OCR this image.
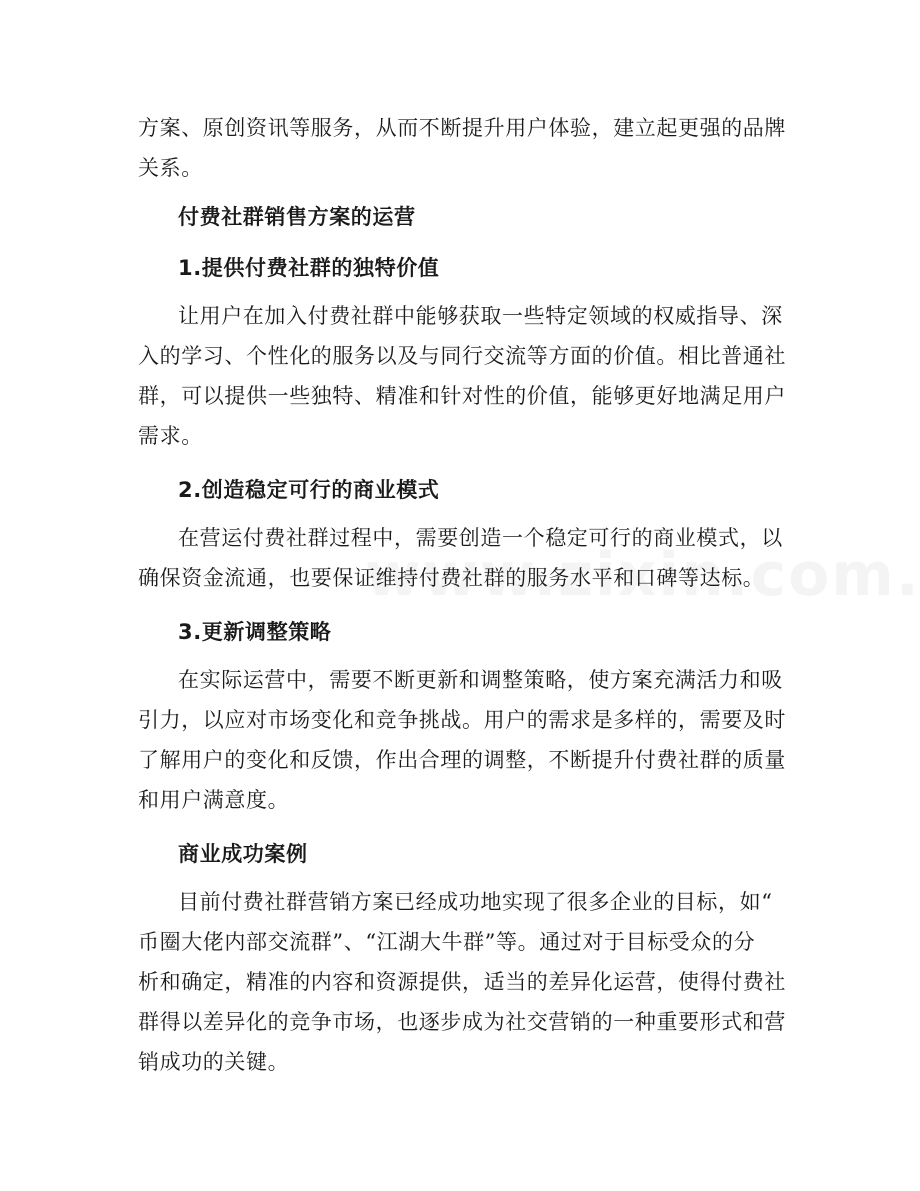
方案、原创资讯等服务，从而不断提升用户体验，建立起更强的品牌
关系。
付费社群销售方案的运营
1.提供付费社群的独特价值
让用户在加入付费社群中能够获取一些特定领域的权威指导、深
入的学习、个性化的服务以及与同行交流等方面的价值。相比普通社
群，可以提供一些独特、精准和针对性的价值，能够更好地满足用户
需求。
2.创造稳定可行的商业模式
在营运付费社群过程中，需要创造一个稳定可行的商业模式，以
确保资金流通，也要保证维持付费社群的服务水平和口碑等达标。
3.更新调整策略
在实际运营中，需要不断更新和调整策略，使方案充满活力和吸
引力，以应对市场变化和竞争挑战。用户的需求是多样的，需要及时
了解用户的变化和反馈，作出合理的调整，不断提升付费社群的质量
和用户满意度。
商业成功案例
目前付费社群营销方案已经成功地实现了很多企业的目标，如“
币圈大佬内部交流群”、“江湖大牛群”等。通过对于目标受众的分
析和确定，精准的内容和资源提供，适当的差异化运营，使得付费社
群得以差异化的竞争市场，也逐步成为社交营销的一种重要形式和营
销成功的关键。
